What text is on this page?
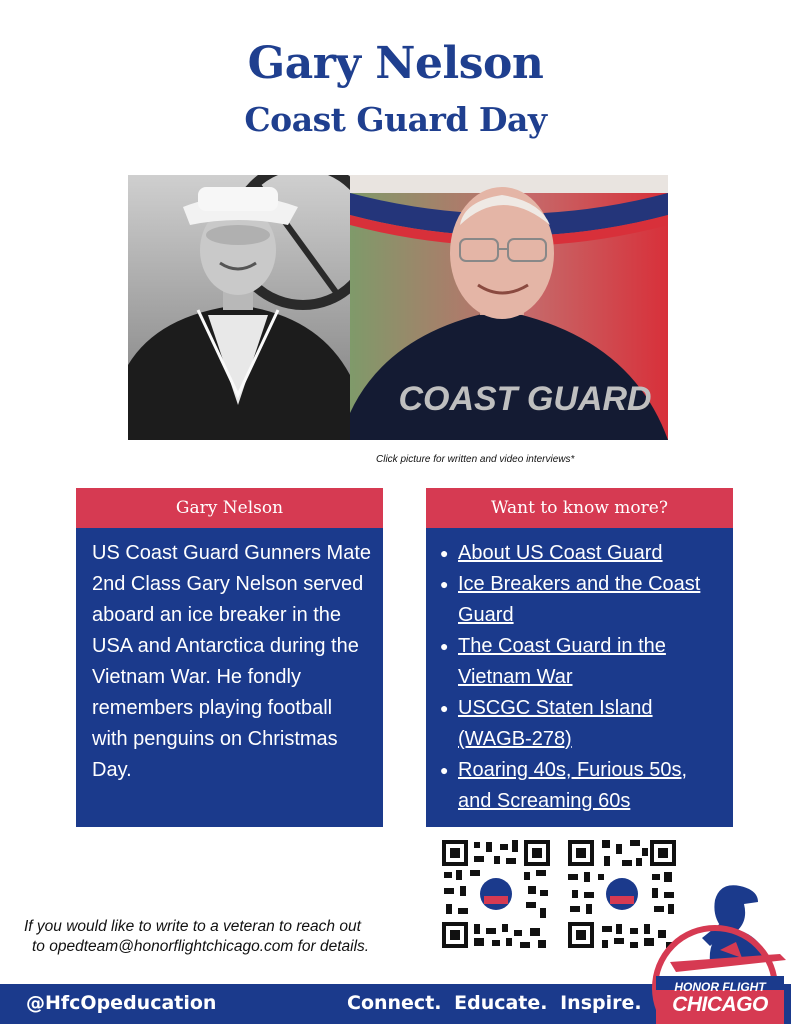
Gary Nelson
Coast Guard Day
COAST GUARD
Click picture for written and video interviews*
Gary Nelson

US Coast Guard Gunners Mate 2nd Class Gary Nelson served aboard an ice breaker in the USA and Antarctica during the Vietnam War. He fondly remembers playing football with penguins on Christmas Day.

Want to know more?
● About US Coast Guard
● Ice Breakers and the Coast Guard
● The Coast Guard in the Vietnam War
● USCGC Staten Island (WAGB-278)
● Roaring 40s, Furious 50s, and Screaming 60s
If you would like to write to a veteran to reach out
to opedteam@honorflightchicago.com for details.
@HfcOpeducation	Connect. Educate. Inspire.
HONOR FLIGHT
CHICAGO
